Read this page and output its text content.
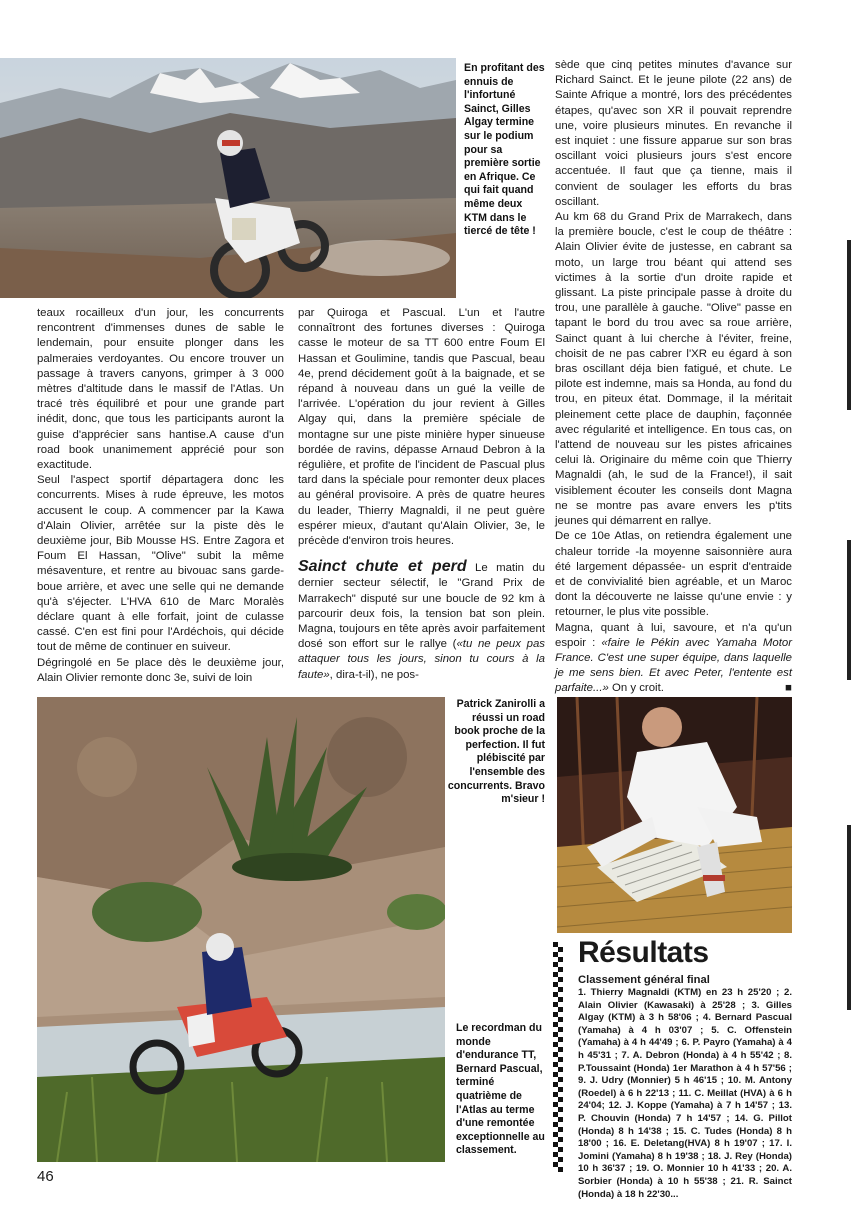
En profitant des ennuis de l'infortuné Sainct, Gilles Algay termine sur le podium pour sa première sortie en Afrique. Ce qui fait quand même deux KTM dans le tiercé de tête !

teaux rocailleux d'un jour, les concurrents rencontrent d'immenses dunes de sable le lendemain, pour ensuite plonger dans les palmeraies verdoyantes. Ou encore trouver un passage à travers canyons, grimper à 3 000 mètres d'altitude dans le massif de l'Atlas. Un tracé très équilibré et pour une grande part inédit, donc, que tous les participants auront la guise d'apprécier sans hantise.A cause d'un road book unanimement apprécié pour son exactitude.

Seul l'aspect sportif départagera donc les concurrents. Mises à rude épreuve, les motos accusent le coup. A commencer par la Kawa d'Alain Olivier, arrêtée sur la piste dès le deuxième jour, Bib Mousse HS. Entre Zagora et Foum El Hassan, "Olive" subit la même mésaventure, et rentre au bivouac sans garde-boue arrière, et avec une selle qui ne demande qu'à s'éjecter. L'HVA 610 de Marc Moralès déclare quant à elle forfait, joint de culasse cassé. C'en est fini pour l'Ardéchois, qui décide tout de même de continuer en suiveur.

Dégringolé en 5e place dès le deuxième jour, Alain Olivier remonte donc 3e, suivi de loin

par Quiroga et Pascual. L'un et l'autre connaîtront des fortunes diverses : Quiroga casse le moteur de sa TT 600 entre Foum El Hassan et Goulimine, tandis que Pascual, beau 4e, prend décidement goût à la baignade, et se répand à nouveau dans un gué la veille de l'arrivée. L'opération du jour revient à Gilles Algay qui, dans la première spéciale de montagne sur une piste minière hyper sinueuse bordée de ravins, dépasse Arnaud Debron à la régulière, et profite de l'incident de Pascual plus tard dans la spéciale pour remonter deux places au général provisoire. A près de quatre heures du leader, Thierry Magnaldi, il ne peut guère espérer mieux, d'autant qu'Alain Olivier, 3e, le précède d'environ trois heures.

Sainct chute et perd Le matin du dernier secteur sélectif, le "Grand Prix de Marrakech" disputé sur une boucle de 92 km à parcourir deux fois, la tension bat son plein. Magna, toujours en tête après avoir parfaitement dosé son effort sur le rallye («tu ne peux pas attaquer tous les jours, sinon tu cours à la faute», dira-t-il), ne pos-

sède que cinq petites minutes d'avance sur Richard Sainct. Et le jeune pilote (22 ans) de Sainte Afrique a montré, lors des précédentes étapes, qu'avec son XR il pouvait reprendre une, voire plusieurs minutes. En revanche il est inquiet : une fissure apparue sur son bras oscillant voici plusieurs jours s'est encore accentuée. Il faut que ça tienne, mais il convient de soulager les efforts du bras oscillant.

Au km 68 du Grand Prix de Marrakech, dans la première boucle, c'est le coup de théâtre : Alain Olivier évite de justesse, en cabrant sa moto, un large trou béant qui attend ses victimes à la sortie d'un droite rapide et glissant. La piste principale passe à droite du trou, une parallèle à gauche. "Olive" passe en tapant le bord du trou avec sa roue arrière, Sainct quant à lui cherche à l'éviter, freine, choisit de ne pas cabrer l'XR eu égard à son bras oscillant déja bien fatigué, et chute. Le pilote est indemne, mais sa Honda, au fond du trou, en piteux état. Dommage, il la méritait pleinement cette place de dauphin, façonnée avec régularité et intelligence. En tous cas, on l'attend de nouveau sur les pistes africaines celui là. Originaire du même coin que Thierry Magnaldi (ah, le sud de la France!), il sait visiblement écouter les conseils dont Magna ne se montre pas avare envers les p'tits jeunes qui démarrent en rallye.

De ce 10e Atlas, on retiendra également une chaleur torride -la moyenne saisonnière aura été largement dépassée- un esprit d'entraide et de convivialité bien agréable, et un Maroc dont la découverte ne laisse qu'une envie : y retourner, le plus vite possible.

Magna, quant à lui, savoure, et n'a qu'un espoir : «faire le Pékin avec Yamaha Motor France. C'est une super équipe, dans laquelle je me sens bien. Et avec Peter, l'entente est parfaite...» On y croit.	■

Patrick Zanirolli a réussi un road book proche de la perfection. Il fut plébiscité par l'ensemble des concurrents. Bravo m'sieur !

Le recordman du monde d'endurance TT, Bernard Pascual, terminé quatrième de l'Atlas au terme d'une remontée exceptionnelle au classement.

Résultats
Classement général final
1. Thierry Magnaldi (KTM) en 23 h 25'20 ; 2. Alain Olivier (Kawasaki) à 25'28 ; 3. Gilles Algay (KTM) à 3 h 58'06 ; 4. Bernard Pascual (Yamaha) à 4 h 03'07 ; 5. C. Offenstein (Yamaha) à 4 h 44'49 ; 6. P. Payro (Yamaha) à 4 h 45'31 ; 7. A. Debron (Honda) à 4 h 55'42 ; 8. P.Toussaint (Honda) 1er Marathon à 4 h 57'56 ; 9. J. Udry (Monnier) 5 h 46'15 ; 10. M. Antony (Roedel) à 6 h 22'13 ; 11. C. Meillat (HVA) à 6 h 24'04; 12. J. Koppe (Yamaha) à 7 h 14'57 ; 13. P. Chouvin (Honda) 7 h 14'57 ; 14. G. Pillot (Honda) 8 h 14'38 ; 15. C. Tudes (Honda) 8 h 18'00 ; 16. E. Deletang(HVA) 8 h 19'07 ; 17. I. Jomini (Yamaha) 8 h 19'38 ; 18. J. Rey (Honda) 10 h 36'37 ; 19. O. Monnier 10 h 41'33 ; 20. A. Sorbier (Honda) à 10 h 55'38 ; 21. R. Sainct (Honda) à 18 h 22'30...
46
